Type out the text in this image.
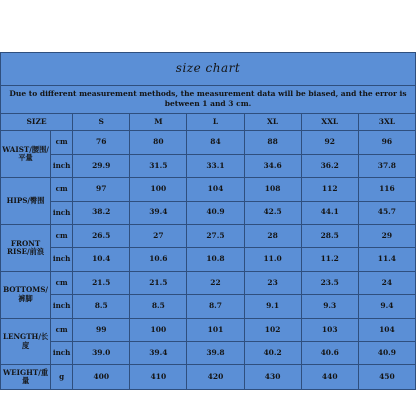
size chart							
Due to different measurement methods, the measurement data will be biased, and the error is between 1 and 3 cm.							
SIZE		S	M	L	XL	XXL	3XL
WAIST/腰围/平量	cm	76	80	84	88	92	96
	inch	29.9	31.5	33.1	34.6	36.2	37.8
HIPS/臀围	cm	97	100	104	108	112	116
	inch	38.2	39.4	40.9	42.5	44.1	45.7
FRONT RISE/前浪	cm	26.5	27	27.5	28	28.5	29
	inch	10.4	10.6	10.8	11.0	11.2	11.4
BOTTOMS/裤脚	cm	21.5	21.5	22	23	23.5	24
	inch	8.5	8.5	8.7	9.1	9.3	9.4
LENGTH/长度	cm	99	100	101	102	103	104
	inch	39.0	39.4	39.8	40.2	40.6	40.9
WEIGHT/重量	g	400	410	420	430	440	450
